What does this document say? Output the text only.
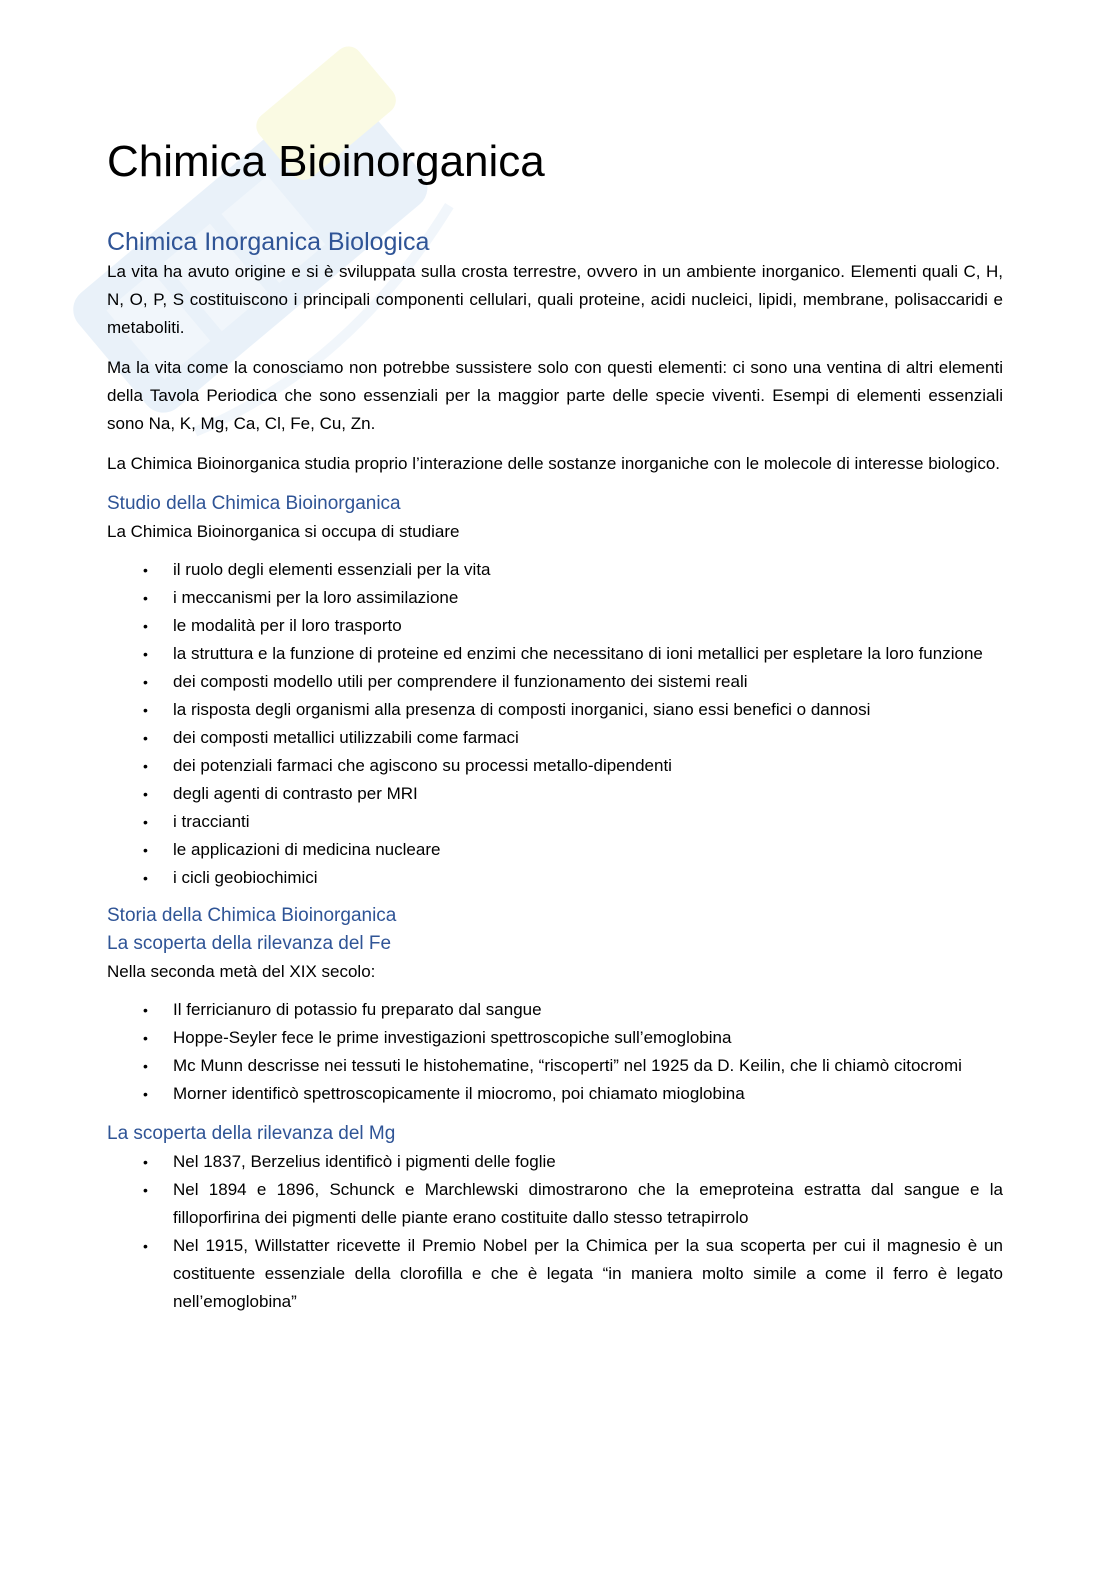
Chimica Bioinorganica
Chimica Inorganica Biologica

La vita ha avuto origine e si è sviluppata sulla crosta terrestre, ovvero in un ambiente inorganico. Elementi quali C, H, N, O, P, S costituiscono i principali componenti cellulari, quali proteine, acidi nucleici, lipidi, membrane, polisaccaridi e metaboliti.

Ma la vita come la conosciamo non potrebbe sussistere solo con questi elementi: ci sono una ventina di altri elementi della Tavola Periodica che sono essenziali per la maggior parte delle specie viventi. Esempi di elementi essenziali sono Na, K, Mg, Ca, Cl, Fe, Cu, Zn.

La Chimica Bioinorganica studia proprio l’interazione delle sostanze inorganiche con le molecole di interesse biologico.

Studio della Chimica Bioinorganica

La Chimica Bioinorganica si occupa di studiare

• il ruolo degli elementi essenziali per la vita
• i meccanismi per la loro assimilazione
• le modalità per il loro trasporto
• la struttura e la funzione di proteine ed enzimi che necessitano di ioni metallici per espletare la loro funzione
• dei composti modello utili per comprendere il funzionamento dei sistemi reali
• la risposta degli organismi alla presenza di composti inorganici, siano essi benefici o dannosi
• dei composti metallici utilizzabili come farmaci
• dei potenziali farmaci che agiscono su processi metallo-dipendenti
• degli agenti di contrasto per MRI
• i traccianti
• le applicazioni di medicina nucleare
• i cicli geobiochimici
Storia della Chimica Bioinorganica
La scoperta della rilevanza del Fe

Nella seconda metà del XIX secolo:

• Il ferricianuro di potassio fu preparato dal sangue
• Hoppe-Seyler fece le prime investigazioni spettroscopiche sull’emoglobina
• Mc Munn descrisse nei tessuti le histohematine, “riscoperti” nel 1925 da D. Keilin, che li chiamò citocromi
• Morner identificò spettroscopicamente il miocromo, poi chiamato mioglobina
La scoperta della rilevanza del Mg
• Nel 1837, Berzelius identificò i pigmenti delle foglie
• Nel 1894 e 1896, Schunck e Marchlewski dimostrarono che la emeproteina estratta dal sangue e la filloporfirina dei pigmenti delle piante erano costituite dallo stesso tetrapirrolo
• Nel 1915, Willstatter ricevette il Premio Nobel per la Chimica per la sua scoperta per cui il magnesio è un costituente essenziale della clorofilla e che è legata “in maniera molto simile a come il ferro è legato nell’emoglobina”
